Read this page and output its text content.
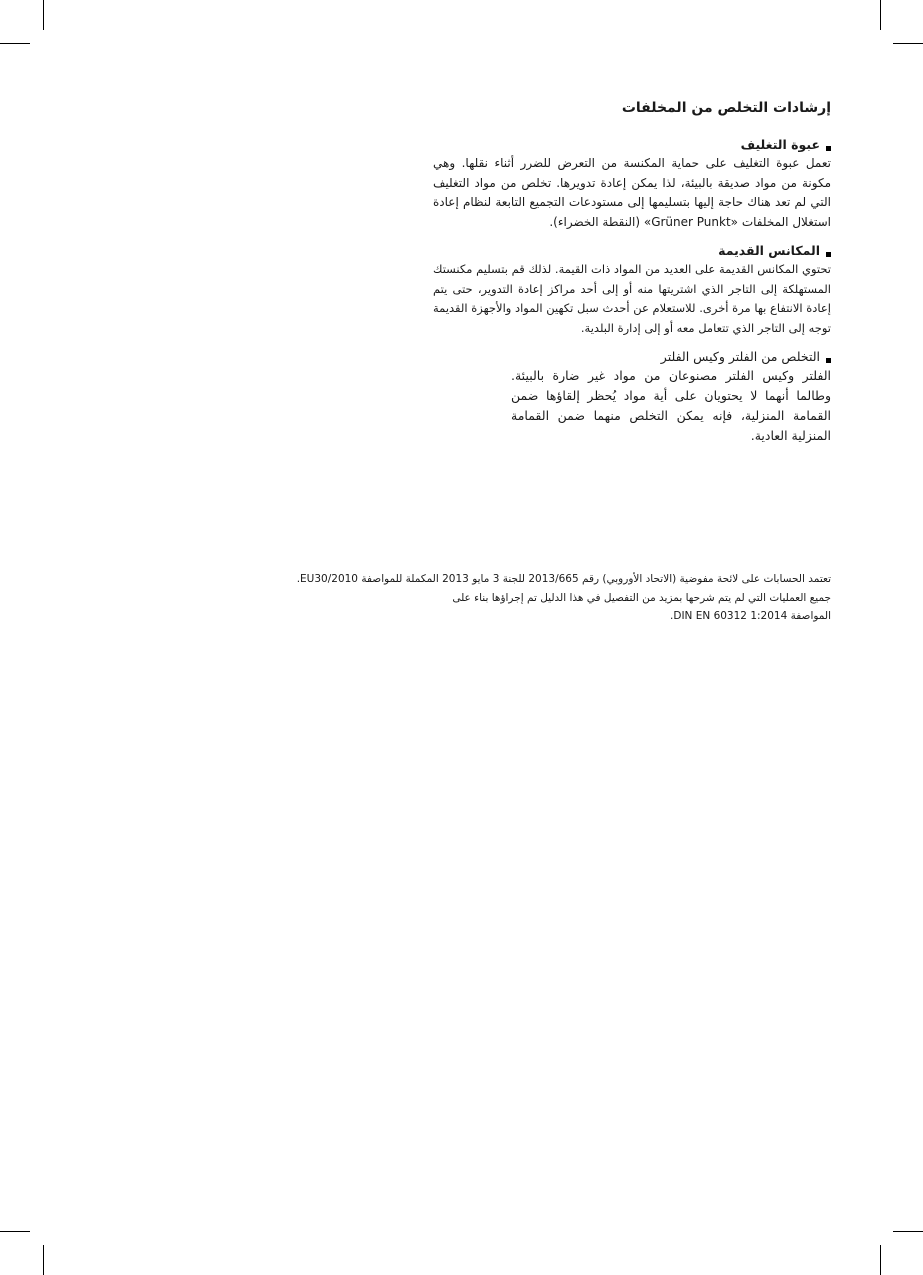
إرشادات التخلص من المخلفات
عبوة التغليف
تعمل عبوة التغليف على حماية المكنسة من التعرض للضرر أثناء نقلها. وهي مكونة من مواد صديقة بالبيئة، لذا يمكن إعادة تدويرها. تخلص من مواد التغليف التي لم تعد هناك حاجة إليها بتسليمها إلى مستودعات التجميع التابعة لنظام إعادة استغلال المخلفات «Grüner Punkt» (النقطة الخضراء).
المكانس القديمة
تحتوي المكانس القديمة على العديد من المواد ذات القيمة. لذلك قم بتسليم مكنستك المستهلكة إلى التاجر الذي اشتريتها منه أو إلى أحد مراكز إعادة التدوير، حتى يتم إعادة الانتفاع بها مرة أخرى. للاستعلام عن أحدث سبل تكهين المواد والأجهزة القديمة توجه إلى التاجر الذي تتعامل معه أو إلى إدارة البلدية.
التخلص من الفلتر وكيس الفلتر
الفلتر وكيس الفلتر مصنوعان من مواد غير ضارة بالبيئة. وطالما أنهما لا يحتويان على أية مواد يُحظر إلقاؤها ضمن القمامة المنزلية، فإنه يمكن التخلص منهما ضمن القمامة المنزلية العادية.
تعتمد الحسابات على لائحة مفوضية (الاتحاد الأوروبي) رقم 2013/665 للجنة 3 مايو 2013 المكملة للمواصفة EU30/2010.
جميع العمليات التي لم يتم شرحها بمزيد من التفصيل في هذا الدليل تم إجراؤها بناء على
المواصفة DIN EN 60312 1:2014.
